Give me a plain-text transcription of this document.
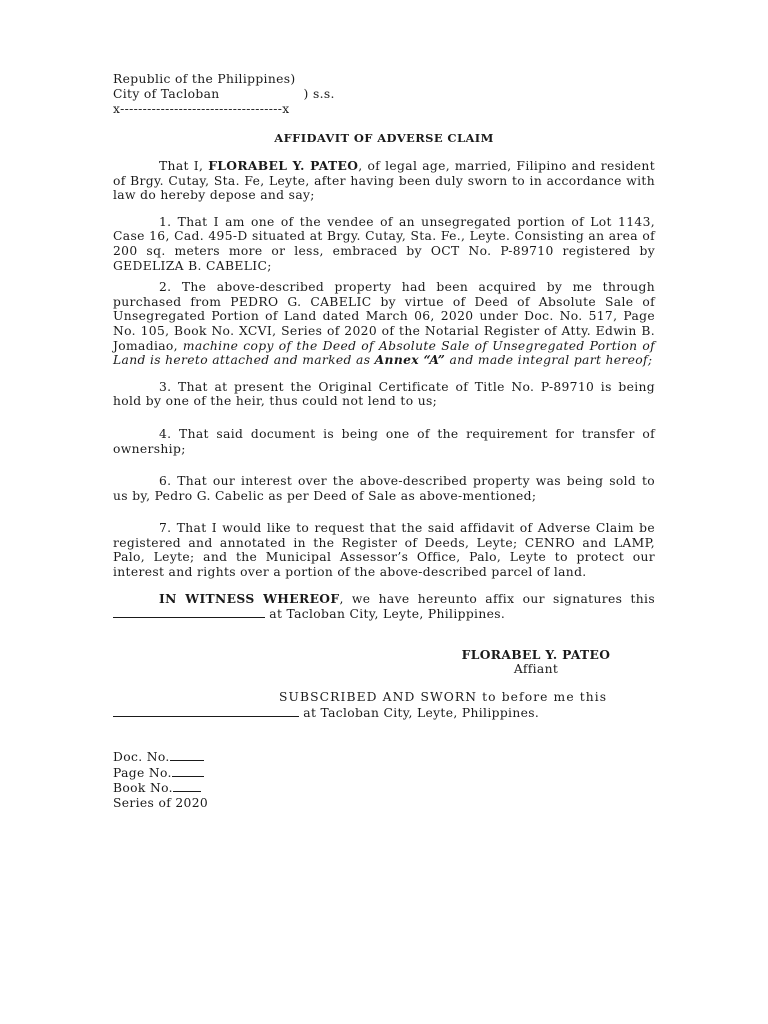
Republic of the Philippines)
City of Tacloban	) s.s.
x------------------------------------x
AFFIDAVIT OF ADVERSE CLAIM

That I, FLORABEL Y. PATEO, of legal age, married, Filipino and resident of Brgy. Cutay, Sta. Fe, Leyte, after having been duly sworn to in accordance with law do hereby depose and say;

1. That I am one of the vendee of an unsegregated portion of Lot 1143, Case 16, Cad. 495-D situated at Brgy. Cutay, Sta. Fe., Leyte. Consisting an area of 200 sq. meters more or less, embraced by OCT No. P-89710 registered by GEDELIZA B. CABELIC;

2. The above-described property had been acquired by me through purchased from PEDRO G. CABELIC by virtue of Deed of Absolute Sale of Unsegregated Portion of Land dated March 06, 2020 under Doc. No. 517, Page No. 105, Book No. XCVI, Series of 2020 of the Notarial Register of Atty. Edwin B. Jomadiao, machine copy of the Deed of Absolute Sale of Unsegregated Portion of Land is hereto attached and marked as Annex “A” and made integral part hereof;

3. That at present the Original Certificate of Title No. P-89710 is being hold by one of the heir, thus could not lend to us;

4. That said document is being one of the requirement for transfer of ownership;

6. That our interest over the above-described property was being sold to us by, Pedro G. Cabelic as per Deed of Sale as above-mentioned;

7. That I would like to request that the said affidavit of Adverse Claim be registered and annotated in the Register of Deeds, Leyte; CENRO and LAMP, Palo, Leyte; and the Municipal Assessor’s Office, Palo, Leyte to protect our interest and rights over a portion of the above-described parcel of land.

IN WITNESS WHEREOF, we have hereunto affix our signatures this  at Tacloban City, Leyte, Philippines.

FLORABEL Y. PATEO
Affiant
SUBSCRIBED AND SWORN to before me this
at Tacloban City, Leyte, Philippines.
Doc. No.
Page No.
Book No.
Series of 2020
